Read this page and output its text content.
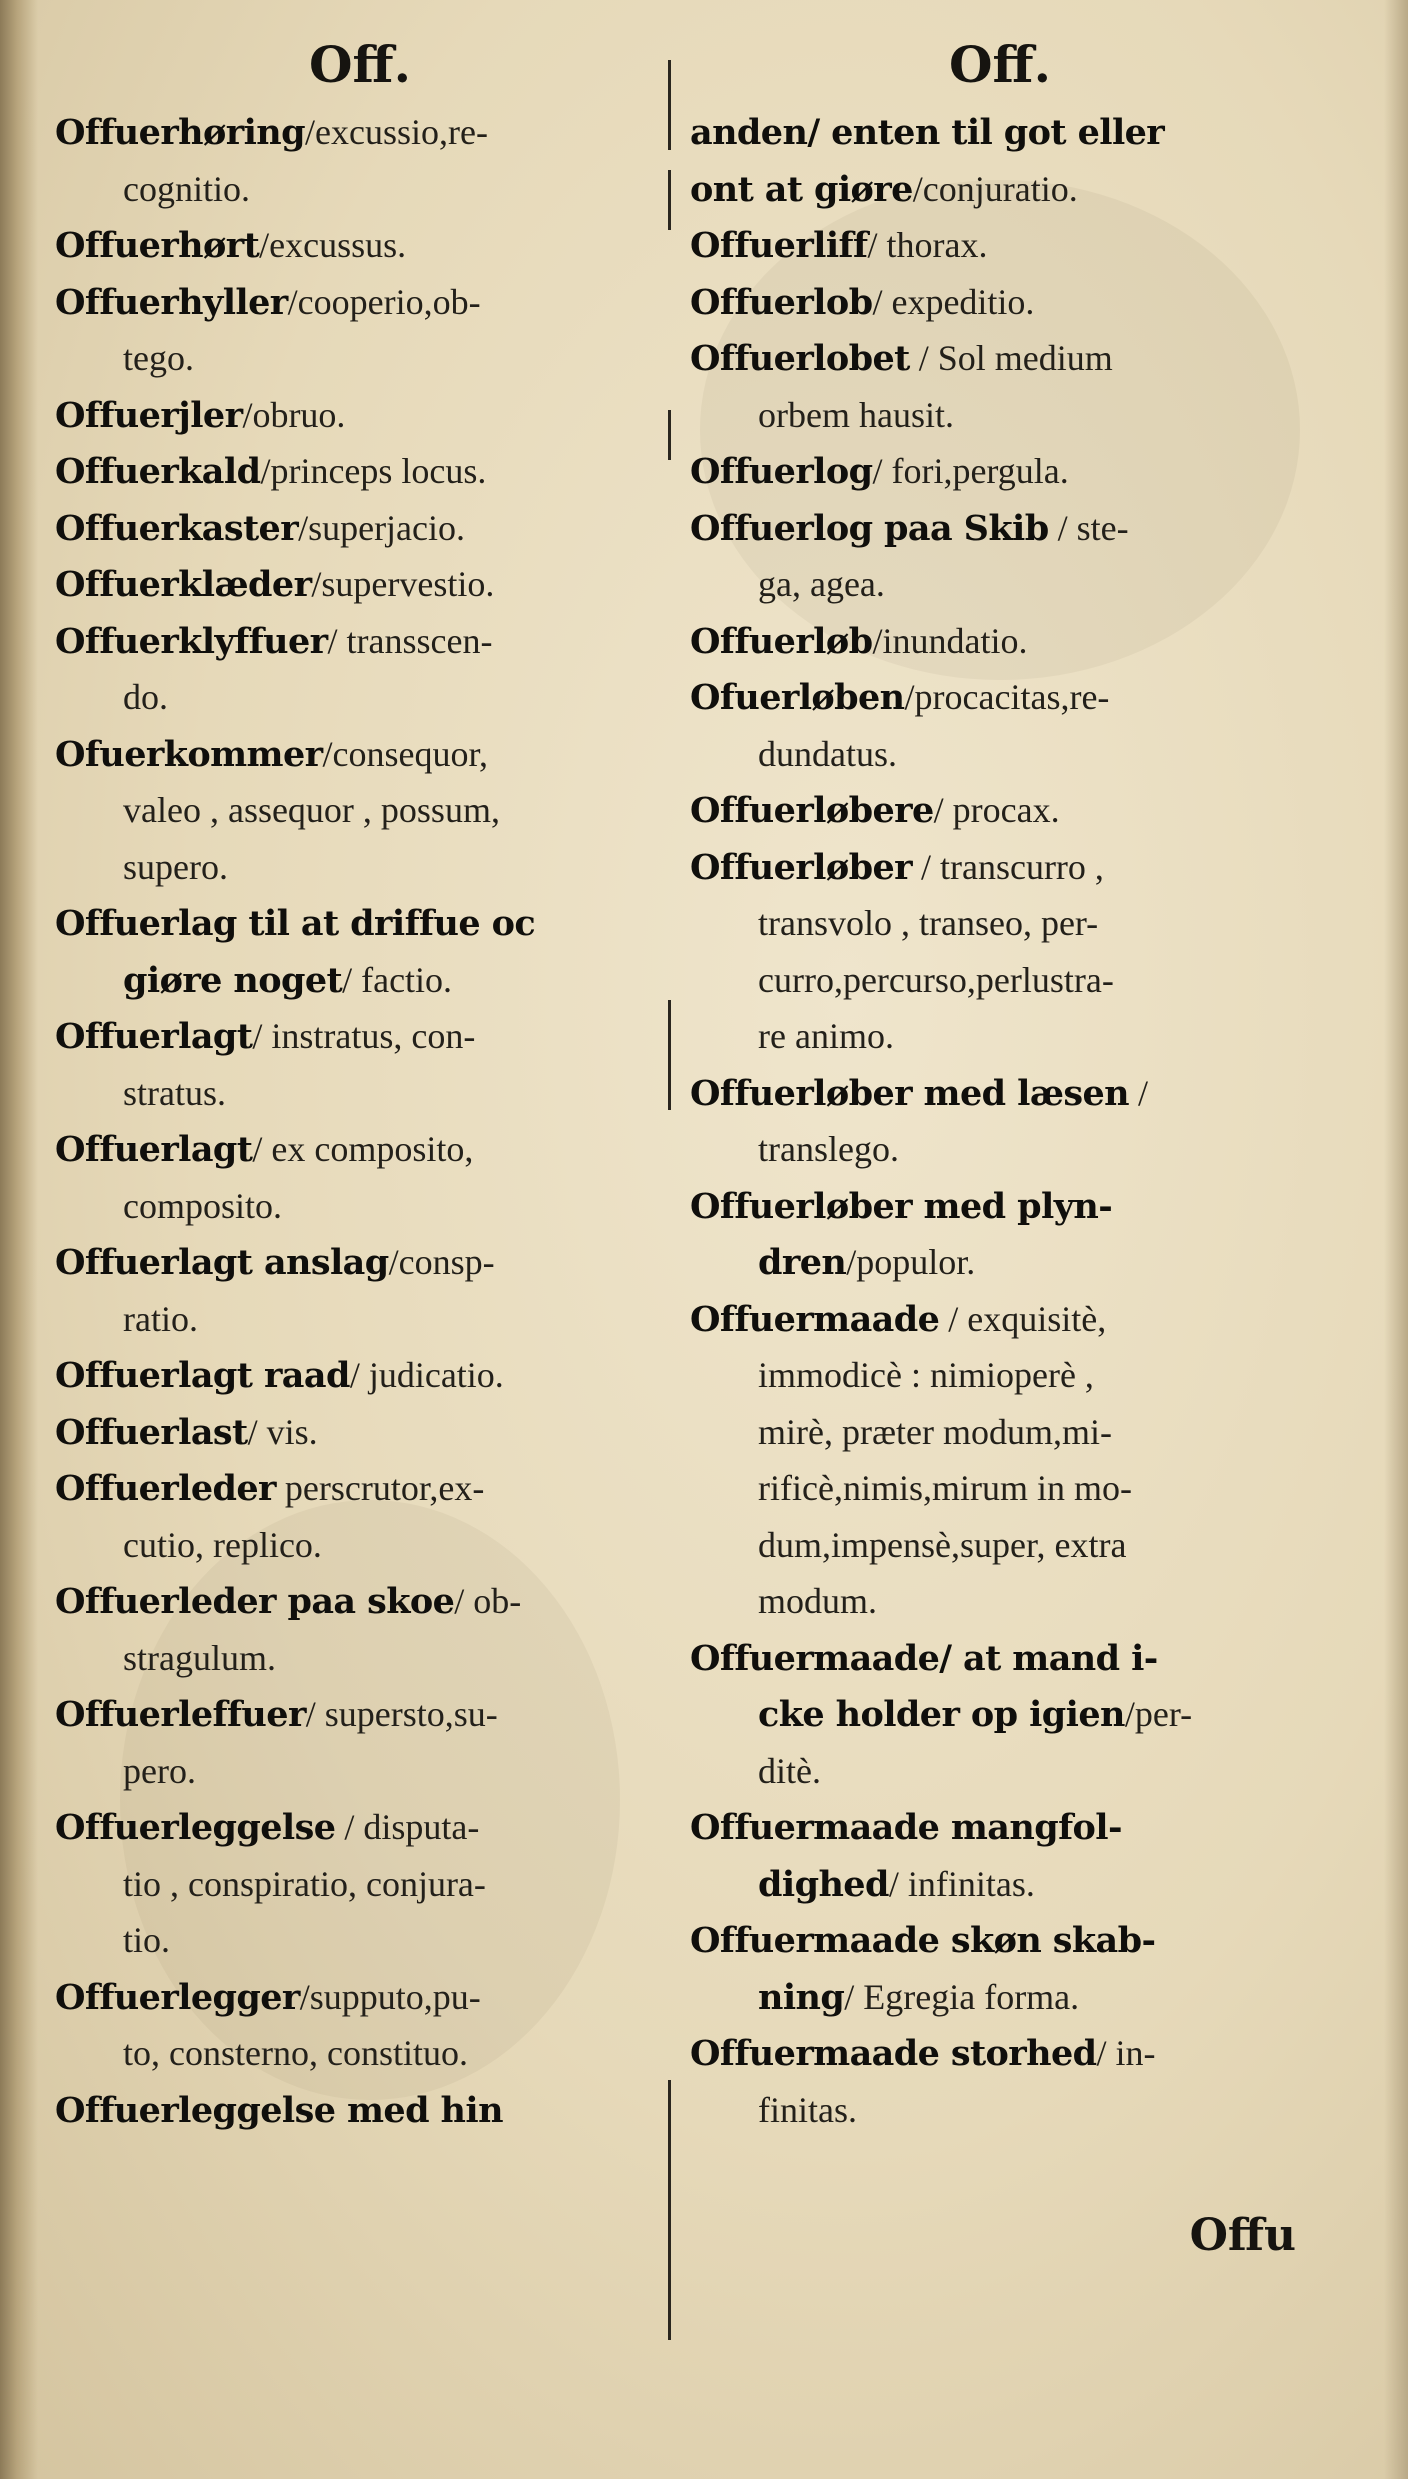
Off.
Offuerhøring/excussio,re-
cognitio.
Offuerhørt/excussus.
Offuerhyller/cooperio,ob-
tego.
Offuerjler/obruo.
Offuerkald/princeps locus.
Offuerkaster/superjacio.
Offuerklæder/supervestio.
Offuerklyffuer/ transscen-
do.
Ofuerkommer/consequor,
valeo , assequor , possum,
supero.
Offuerlag til at driffue oc
giøre noget/ factio.
Offuerlagt/ instratus, con-
stratus.
Offuerlagt/ ex composito,
composito.
Offuerlagt anslag/consp-
ratio.
Offuerlagt raad/ judicatio.
Offuerlast/ vis.
Offuerleder perscrutor,ex-
cutio, replico.
Offuerleder paa skoe/ ob-
stragulum.
Offuerleffuer/ supersto,su-
pero.
Offuerleggelse / disputa-
tio , conspiratio, conjura-
tio.
Offuerlegger/supputo,pu-
to, consterno, constituo.
Offuerleggelse med hin
Off.
anden/ enten til got eller
ont at giøre/conjuratio.
Offuerliff/ thorax.
Offuerlob/ expeditio.
Offuerlobet / Sol medium
orbem hausit.
Offuerlog/ fori,pergula.
Offuerlog paa Skib / ste-
ga, agea.
Offuerløb/inundatio.
Ofuerløben/procacitas,re-
dundatus.
Offuerløbere/ procax.
Offuerløber / transcurro ,
transvolo , transeo, per-
curro,percurso,perlustra-
re animo.
Offuerløber med læsen /
translego.
Offuerløber med plyn-
dren/populor.
Offuermaade / exquisitè,
immodicè : nimioperè ,
mirè, præter modum,mi-
rificè,nimis,mirum in mo-
dum,impensè,super, extra
modum.
Offuermaade/ at mand i-
cke holder op igien/per-
ditè.
Offuermaade mangfol-
dighed/ infinitas.
Offuermaade skøn skab-
ning/ Egregia forma.
Offuermaade storhed/ in-
finitas.
Offu
